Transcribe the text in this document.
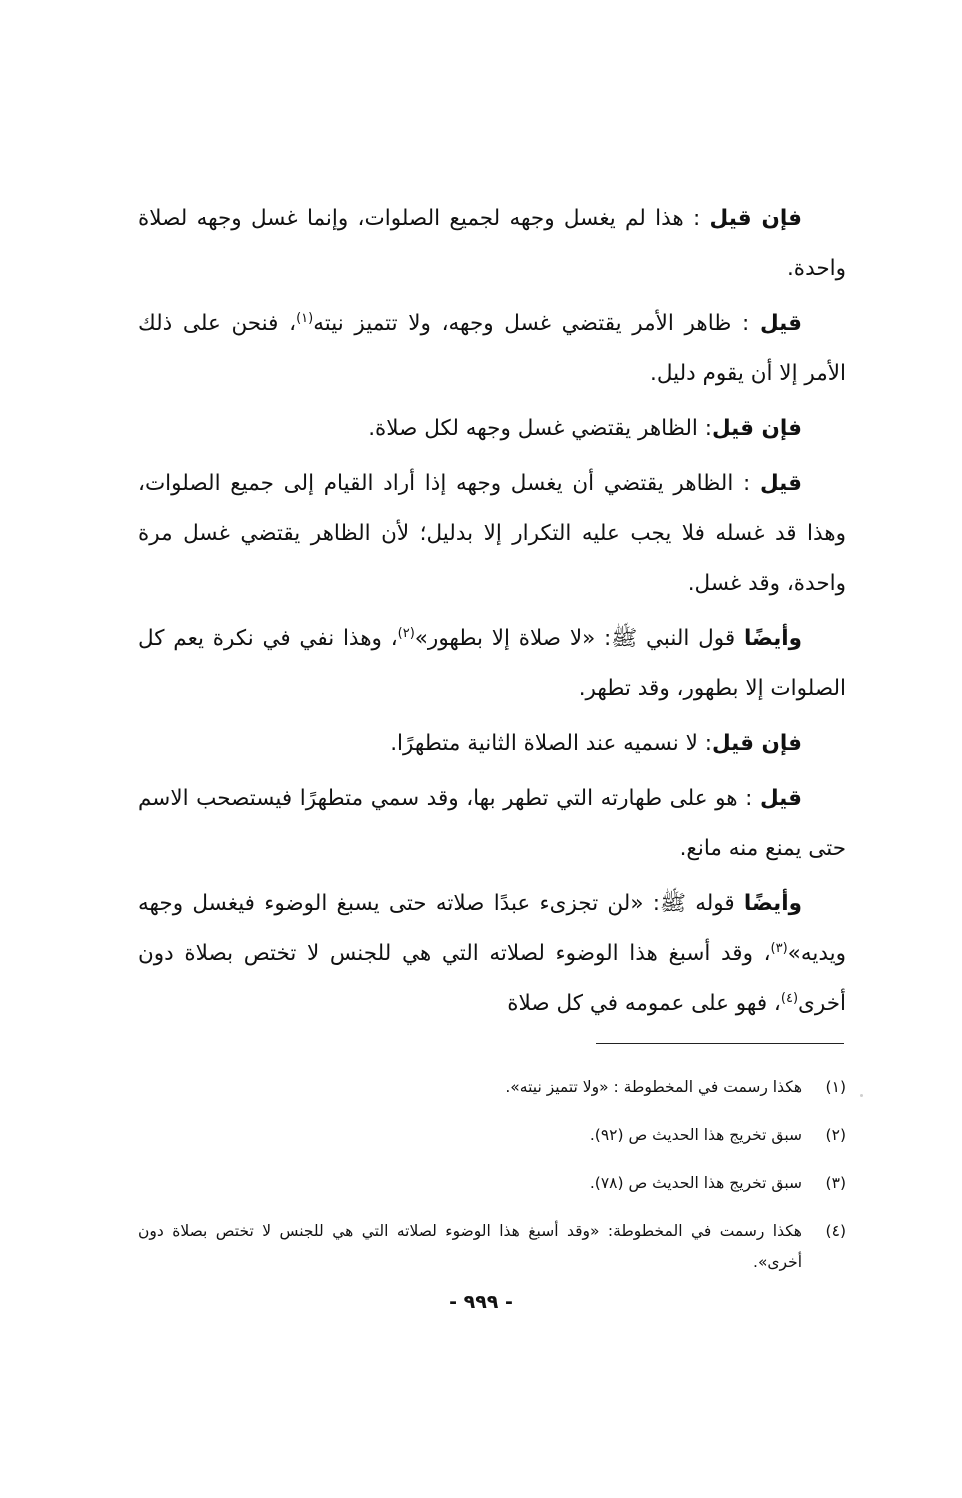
فإن قيل : هذا لم يغسل وجهه لجميع الصلوات، وإنما غسل وجهه لصلاة واحدة.

قيل : ظاهر الأمر يقتضي غسل وجهه، ولا تتميز نيته$^{(١)}$، فنحن على ذلك الأمر إلا أن يقوم دليل.

فإن قيل: الظاهر يقتضي غسل وجهه لكل صلاة.

قيل : الظاهر يقتضي أن يغسل وجهه إذا أراد القيام إلى جميع الصلوات، وهذا قد غسله فلا يجب عليه التكرار إلا بدليل؛ لأن الظاهر يقتضي غسل مرة واحدة، وقد غسل.

وأيضًا قول النبي ﷺ: «لا صلاة إلا بطهور»$^{(٢)}$، وهذا نفي في نكرة يعم كل الصلوات إلا بطهور، وقد تطهر.

فإن قيل: لا نسميه عند الصلاة الثانية متطهرًا.

قيل : هو على طهارته التي تطهر بها، وقد سمي متطهرًا فيستصحب الاسم حتى يمنع منه مانع.

وأيضًا قوله ﷺ: «لن تجزىء عبدًا صلاته حتى يسبغ الوضوء فيغسل وجهه ويديه»$^{(٣)}$، وقد أسبغ هذا الوضوء لصلاته التي هي للجنس لا تختص بصلاة دون أخرى$^{(٤)}$، فهو على عمومه في كل صلاة

(١)
هكذا رسمت في المخطوطة : «ولا تتميز نيته».
(٢)
سبق تخريج هذا الحديث ص (٩٢).
(٣)
سبق تخريج هذا الحديث ص (٧٨).
(٤)
هكذا رسمت في المخطوطة: «وقد أسبغ هذا الوضوء لصلاته التي هي للجنس لا تختص بصلاة دون أخرى».
- ٩٩٩ -
